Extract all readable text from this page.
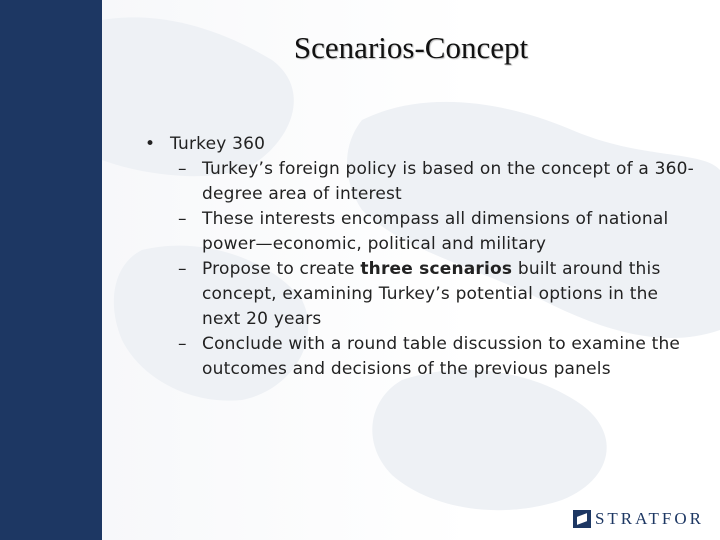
Scenarios-Concept
• Turkey 360
– Turkey’s foreign policy is based on the concept of a 360-degree area of interest
– These interests encompass all dimensions of national power—economic, political and military
– Propose to create three scenarios built around this concept, examining Turkey’s potential options in the next 20 years
– Conclude with a round table discussion to examine the outcomes and decisions of the previous panels
STRATFOR
